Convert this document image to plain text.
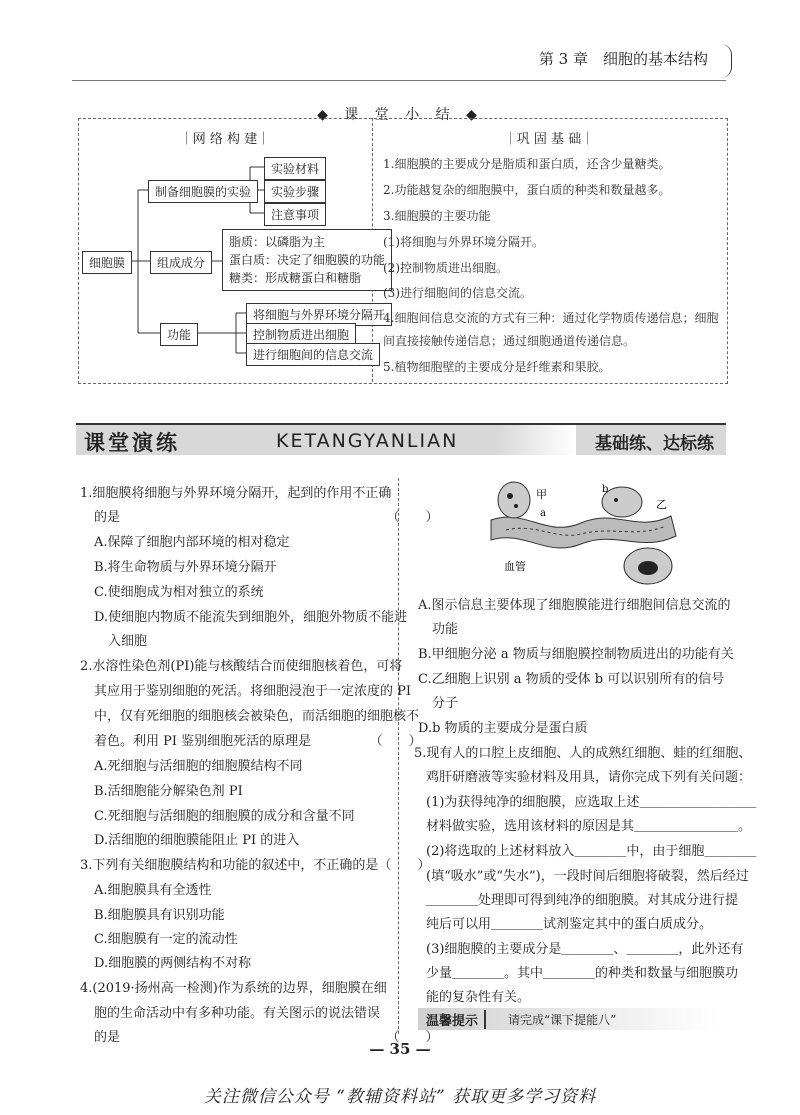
第 3 章　细胞的基本结构
◆ 课 堂 小 结 ◆
｜网 络 构 建｜	｜巩 固 基 础｜
细胞膜
制备细胞膜的实验
实验材料
实验步骤
注意事项
组成成分
脂质：以磷脂为主
蛋白质：决定了细胞膜的功能
糖类：形成糖蛋白和糖脂
功能
将细胞与外界环境分隔开
控制物质进出细胞
进行细胞间的信息交流

1.细胞膜的主要成分是脂质和蛋白质，还含少量糖类。

2.功能越复杂的细胞膜中，蛋白质的种类和数量越多。

3.细胞膜的主要功能

(1)将细胞与外界环境分隔开。

(2)控制物质进出细胞。

(3)进行细胞间的信息交流。

4.细胞间信息交流的方式有三种：通过化学物质传递信息；细胞

间直接接触传递信息；通过细胞通道传递信息。

5.植物细胞壁的主要成分是纤维素和果胶。

课堂演练	KETANGYANLIAN	基础练、达标练

1.细胞膜将细胞与外界环境分隔开，起到的作用不正确

的是　　　　　　　　　　　　　　　　　　　　　（　　）

A.保障了细胞内部环境的相对稳定

B.将生命物质与外界环境分隔开

C.使细胞成为相对独立的系统

D.使细胞内物质不能流失到细胞外，细胞外物质不能进

入细胞

2.水溶性染色剂(PI)能与核酸结合而使细胞核着色，可将

其应用于鉴别细胞的死活。将细胞浸泡于一定浓度的 PI

中，仅有死细胞的细胞核会被染色，而活细胞的细胞核不

着色。利用 PI 鉴别细胞死活的原理是　　　　　（　　）

A.死细胞与活细胞的细胞膜结构不同

B.活细胞能分解染色剂 PI

C.死细胞与活细胞的细胞膜的成分和含量不同

D.活细胞的细胞膜能阻止 PI 的进入

3.下列有关细胞膜结构和功能的叙述中，不正确的是（　　）

A.细胞膜具有全透性

B.细胞膜具有识别功能

C.细胞膜有一定的流动性

D.细胞膜的两侧结构不对称

4.(2019·扬州高一检测)作为系统的边界，细胞膜在细

胞的生命活动中有多种功能。有关图示的说法错误

的是　　　　　　　　　　　　　　　　　　　　　（　　）

甲
乙
a
b
血管

A.图示信息主要体现了细胞膜能进行细胞间信息交流的

功能

B.甲细胞分泌 a 物质与细胞膜控制物质进出的功能有关

C.乙细胞上识别 a 物质的受体 b 可以识别所有的信号

分子

D.b 物质的主要成分是蛋白质

5.现有人的口腔上皮细胞、人的成熟红细胞、蛙的红细胞、

鸡肝研磨液等实验材料及用具，请你完成下列有关问题：

(1)为获得纯净的细胞膜，应选取上述＿＿＿＿＿＿＿＿＿

材料做实验，选用该材料的原因是其＿＿＿＿＿＿＿＿。

(2)将选取的上述材料放入＿＿＿＿中，由于细胞＿＿＿＿

(填“吸水”或“失水”)，一段时间后细胞将破裂，然后经过

＿＿＿＿处理即可得到纯净的细胞膜。对其成分进行提

纯后可以用＿＿＿＿试剂鉴定其中的蛋白质成分。

(3)细胞膜的主要成分是＿＿＿＿、＿＿＿＿，此外还有

少量＿＿＿＿。其中＿＿＿＿的种类和数量与细胞膜功

能的复杂性有关。

温馨提示	请完成“课下提能八”
— 35 —
关注微信公众号 “教辅资料站” 获取更多学习资料
